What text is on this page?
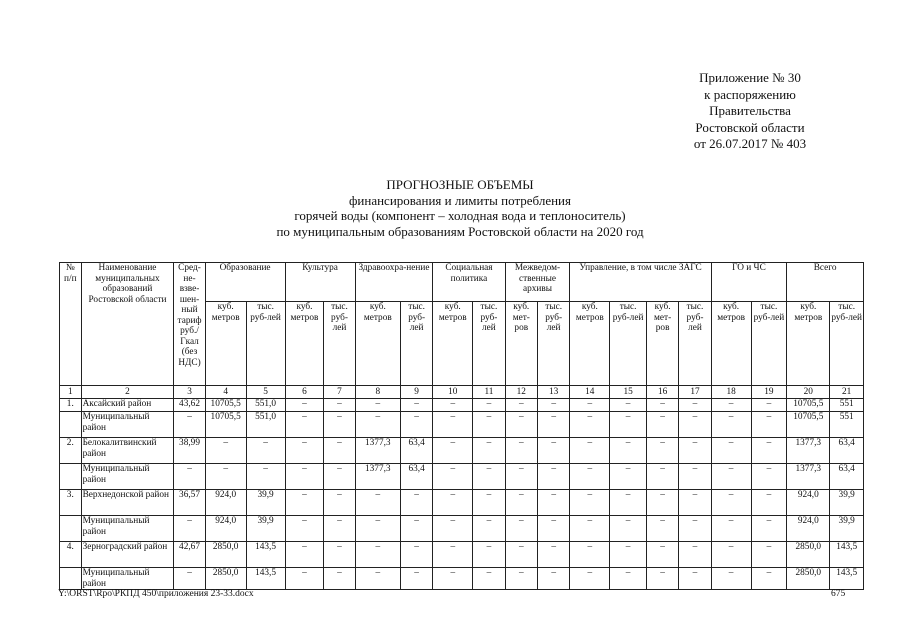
Приложение № 30
к распоряжению
Правительства
Ростовской области
от 26.07.2017 № 403
ПРОГНОЗНЫЕ ОБЪЕМЫ
финансирования и лимиты потребления
горячей воды (компонент – холодная вода и теплоноситель)
по муниципальным образованиям Ростовской области на 2020 год
№ п/п	Наименование муниципальных образований Ростовской области	Сред-не-взве-шен-ный тариф руб./ Гкал (без НДС)	Образование		Культура		Здравоохра-нение		Социальная политика		Межведом-ственные архивы		Управление, в том числе ЗАГС				ГО и ЧС		Всего	
			куб. метров	тыс. руб-лей	куб. метров	тыс. руб-лей	куб. метров	тыс. руб-лей	куб. метров	тыс. руб-лей	куб. мет-ров	тыс. руб-лей	куб. метров	тыс. руб-лей	куб. мет-ров	тыс. руб-лей	куб. метров	тыс. руб-лей	куб. метров	тыс. руб-лей
1	2	3	4	5	6	7	8	9	10	11	12	13	14	15	16	17	18	19	20	21
1.	Аксайский район	43,62	10705,5	551,0	–	–	–	–	–	–	–	–	–	–	–	–	–	–	10705,5	551
	Муниципальный район	–	10705,5	551,0	–	–	–	–	–	–	–	–	–	–	–	–	–	–	10705,5	551
2.	Белокалитвинский район	38,99	–	–	–	–	1377,3	63,4	–	–	–	–	–	–	–	–	–	–	1377,3	63,4
	Муниципальный район	–	–	–	–	–	1377,3	63,4	–	–	–	–	–	–	–	–	–	–	1377,3	63,4
3.	Верхнедонской район	36,57	924,0	39,9	–	–	–	–	–	–	–	–	–	–	–	–	–	–	924,0	39,9
	Муниципальный район	–	924,0	39,9	–	–	–	–	–	–	–	–	–	–	–	–	–	–	924,0	39,9
4.	Зерноградский район	42,67	2850,0	143,5	–	–	–	–	–	–	–	–	–	–	–	–	–	–	2850,0	143,5
	Муниципальный район	–	2850,0	143,5	–	–	–	–	–	–	–	–	–	–	–	–	–	–	2850,0	143,5
Y:\ORST\Rpo\РКПД 450\приложения 23-33.docx	675
